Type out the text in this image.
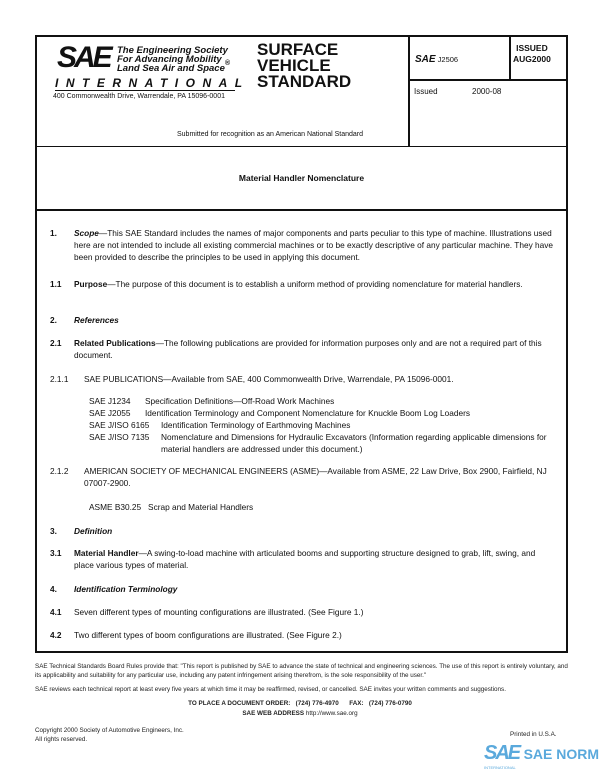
SAE The Engineering Society
For Advancing Mobility
Land Sea Air and Space®
INTERNATIONAL
400 Commonwealth Drive, Warrendale, PA 15096-0001
SURFACE
VEHICLE
STANDARD
SAE J2506
ISSUED
AUG2000
Issued	2000-08
Submitted for recognition as an American National Standard
Material Handler Nomenclature
1. Scope—This SAE Standard includes the names of major components and parts peculiar to this type of machine. Illustrations used here are not intended to include all existing commercial machines or to be exactly descriptive of any particular machine. They have been provided to describe the principles to be used in applying this document.
1.1 Purpose—The purpose of this document is to establish a uniform method of providing nomenclature for material handlers.
2. References
2.1 Related Publications—The following publications are provided for information purposes only and are not a required part of this document.
2.1.1 SAE PUBLICATIONS—Available from SAE, 400 Commonwealth Drive, Warrendale, PA 15096-0001.
SAE J1234	Specification Definitions—Off-Road Work Machines
SAE J2055	Identification Terminology and Component Nomenclature for Knuckle Boom Log Loaders
SAE J/ISO 6165	Identification Terminology of Earthmoving Machines
SAE J/ISO 7135	Nomenclature and Dimensions for Hydraulic Excavators (Information regarding applicable dimensions for material handlers are addressed under this document.)
2.1.2 AMERICAN SOCIETY OF MECHANICAL ENGINEERS (ASME)—Available from ASME, 22 Law Drive, Box 2900, Fairfield, NJ 07007-2900.
ASME B30.25 Scrap and Material Handlers
3. Definition
3.1 Material Handler—A swing-to-load machine with articulated booms and supporting structure designed to grab, lift, swing, and place various types of material.
4. Identification Terminology
4.1 Seven different types of mounting configurations are illustrated. (See Figure 1.)
4.2 Two different types of boom configurations are illustrated. (See Figure 2.)
SAE Technical Standards Board Rules provide that: "This report is published by SAE to advance the state of technical and engineering sciences. The use of this report is entirely voluntary, and its applicability and suitability for any particular use, including any patent infringement arising therefrom, is the sole responsibility of the user."
SAE reviews each technical report at least every five years at which time it may be reaffirmed, revised, or cancelled. SAE invites your written comments and suggestions.
TO PLACE A DOCUMENT ORDER: (724) 776-4970 FAX: (724) 776-0790
SAE WEB ADDRESS http://www.sae.org
Copyright 2000 Society of Automotive Engineers, Inc.
All rights reserved.
Printed in U.S.A.
SAE SAE NORM
INTERNATIONAL
